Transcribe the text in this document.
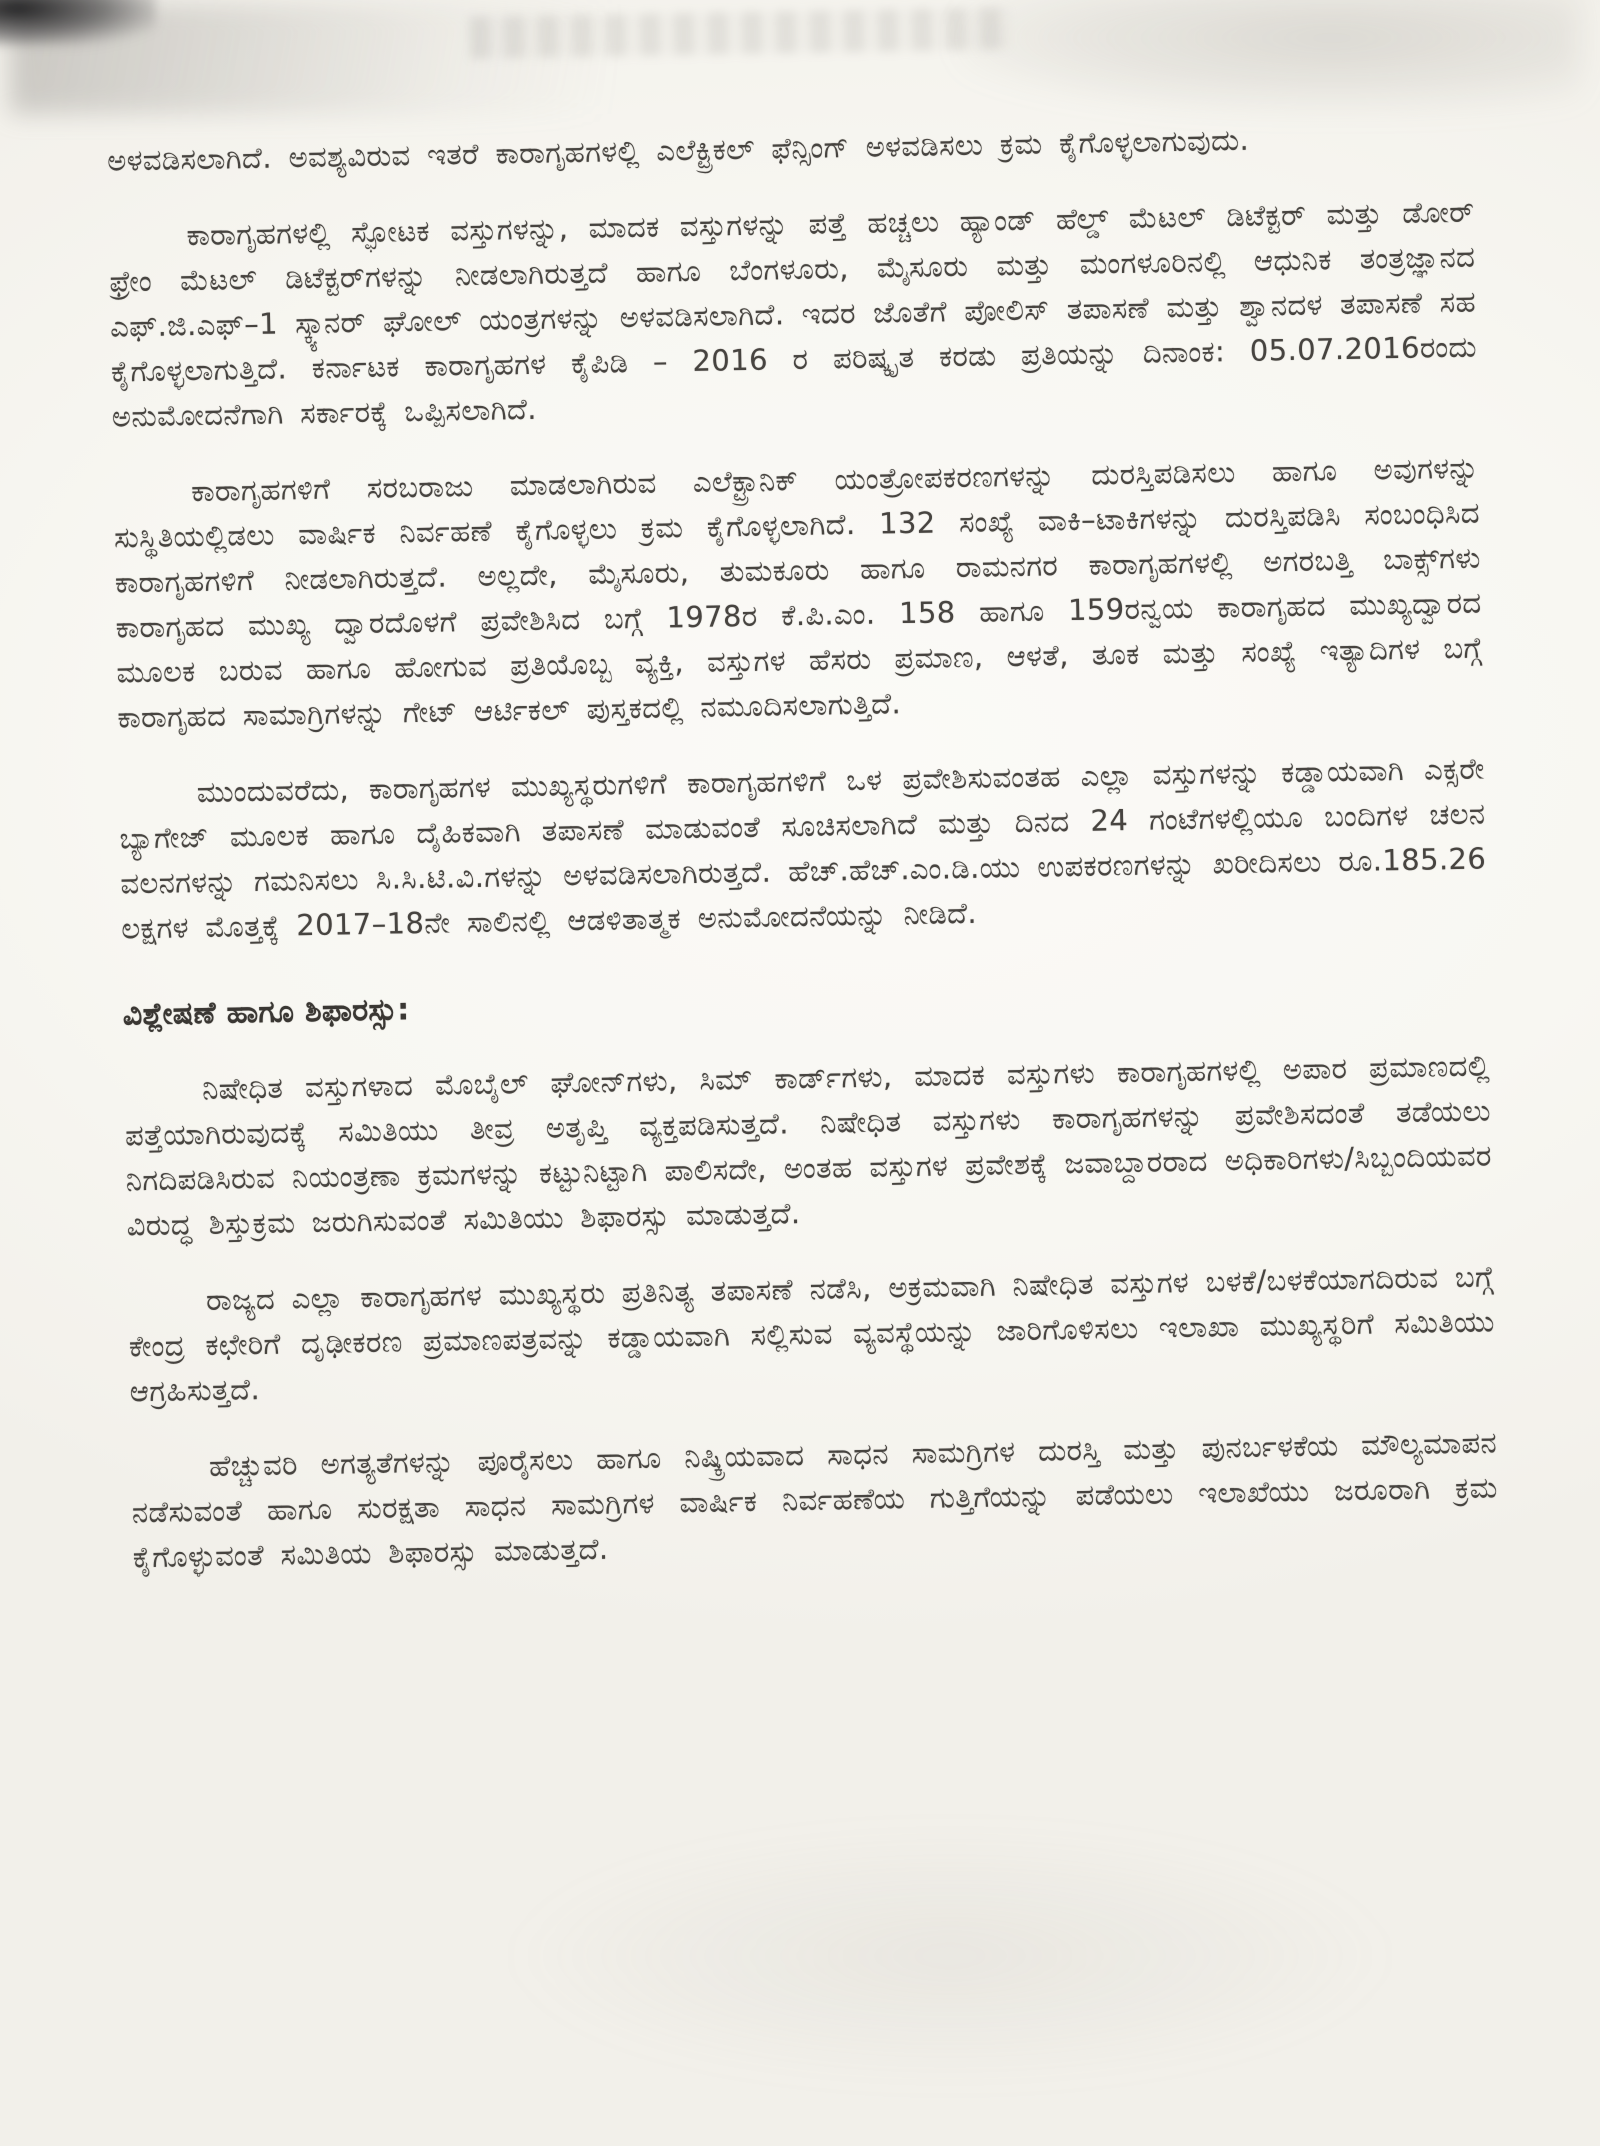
ಅಳವಡಿಸಲಾಗಿದೆ. ಅವಶ್ಯವಿರುವ ಇತರೆ ಕಾರಾಗೃಹಗಳಲ್ಲಿ ಎಲೆಕ್ಟ್ರಿಕಲ್ ಫೆನ್ಸಿಂಗ್ ಅಳವಡಿಸಲು ಕ್ರಮ ಕೈಗೊಳ್ಳಲಾಗುವುದು.

ಕಾರಾಗೃಹಗಳಲ್ಲಿ ಸ್ಫೋಟಕ ವಸ್ತುಗಳನ್ನು, ಮಾದಕ ವಸ್ತುಗಳನ್ನು ಪತ್ತೆ ಹಚ್ಚಲು ಹ್ಯಾಂಡ್ ಹೆಲ್ಡ್ ಮೆಟಲ್ ಡಿಟೆಕ್ಟರ್ ಮತ್ತು ಡೋರ್ ಫ್ರೇಂ ಮೆಟಲ್ ಡಿಟೆಕ್ಟರ್‌ಗಳನ್ನು ನೀಡಲಾಗಿರುತ್ತದೆ ಹಾಗೂ ಬೆಂಗಳೂರು, ಮೈಸೂರು ಮತ್ತು ಮಂಗಳೂರಿನಲ್ಲಿ ಆಧುನಿಕ ತಂತ್ರಜ್ಞಾನದ ಎಫ್.ಜಿ.ಎಫ್–1 ಸ್ಕ್ಯಾನರ್ ಘೋಲ್ ಯಂತ್ರಗಳನ್ನು ಅಳವಡಿಸಲಾಗಿದೆ. ಇದರ ಜೊತೆಗೆ ಪೋಲಿಸ್ ತಪಾಸಣೆ ಮತ್ತು ಶ್ವಾನದಳ ತಪಾಸಣೆ ಸಹ ಕೈಗೊಳ್ಳಲಾಗುತ್ತಿದೆ. ಕರ್ನಾಟಕ ಕಾರಾಗೃಹಗಳ ಕೈಪಿಡಿ – 2016 ರ ಪರಿಷ್ಕೃತ ಕರಡು ಪ್ರತಿಯನ್ನು ದಿನಾಂಕ: 05.07.2016ರಂದು ಅನುಮೋದನೆಗಾಗಿ ಸರ್ಕಾರಕ್ಕೆ ಒಪ್ಪಿಸಲಾಗಿದೆ.

ಕಾರಾಗೃಹಗಳಿಗೆ ಸರಬರಾಜು ಮಾಡಲಾಗಿರುವ ಎಲೆಕ್ಟ್ರಾನಿಕ್ ಯಂತ್ರೋಪಕರಣಗಳನ್ನು ದುರಸ್ತಿಪಡಿಸಲು ಹಾಗೂ ಅವುಗಳನ್ನು ಸುಸ್ಥಿತಿಯಲ್ಲಿಡಲು ವಾರ್ಷಿಕ ನಿರ್ವಹಣೆ ಕೈಗೊಳ್ಳಲು ಕ್ರಮ ಕೈಗೊಳ್ಳಲಾಗಿದೆ. 132 ಸಂಖ್ಯೆ ವಾಕಿ–ಟಾಕಿಗಳನ್ನು ದುರಸ್ತಿಪಡಿಸಿ ಸಂಬಂಧಿಸಿದ ಕಾರಾಗೃಹಗಳಿಗೆ ನೀಡಲಾಗಿರುತ್ತದೆ. ಅಲ್ಲದೇ, ಮೈಸೂರು, ತುಮಕೂರು ಹಾಗೂ ರಾಮನಗರ ಕಾರಾಗೃಹಗಳಲ್ಲಿ ಅಗರಬತ್ತಿ ಬಾಕ್ಸ್‌ಗಳು ಕಾರಾಗೃಹದ ಮುಖ್ಯ ದ್ವಾರದೊಳಗೆ ಪ್ರವೇಶಿಸಿದ ಬಗ್ಗೆ 1978ರ ಕೆ.ಪಿ.ಎಂ. 158 ಹಾಗೂ 159ರನ್ವಯ ಕಾರಾಗೃಹದ ಮುಖ್ಯದ್ವಾರದ ಮೂಲಕ ಬರುವ ಹಾಗೂ ಹೋಗುವ ಪ್ರತಿಯೊಬ್ಬ ವ್ಯಕ್ತಿ, ವಸ್ತುಗಳ ಹೆಸರು ಪ್ರಮಾಣ, ಆಳತೆ, ತೂಕ ಮತ್ತು ಸಂಖ್ಯೆ ಇತ್ಯಾದಿಗಳ ಬಗ್ಗೆ ಕಾರಾಗೃಹದ ಸಾಮಾಗ್ರಿಗಳನ್ನು ಗೇಟ್ ಆರ್ಟಿಕಲ್ ಪುಸ್ತಕದಲ್ಲಿ ನಮೂದಿಸಲಾಗುತ್ತಿದೆ.

ಮುಂದುವರೆದು, ಕಾರಾಗೃಹಗಳ ಮುಖ್ಯಸ್ಥರುಗಳಿಗೆ ಕಾರಾಗೃಹಗಳಿಗೆ ಒಳ ಪ್ರವೇಶಿಸುವಂತಹ ಎಲ್ಲಾ ವಸ್ತುಗಳನ್ನು ಕಡ್ಡಾಯವಾಗಿ ಎಕ್ಸರೇ ಬ್ಯಾಗೇಜ್ ಮೂಲಕ ಹಾಗೂ ದೈಹಿಕವಾಗಿ ತಪಾಸಣೆ ಮಾಡುವಂತೆ ಸೂಚಿಸಲಾಗಿದೆ ಮತ್ತು ದಿನದ 24 ಗಂಟೆಗಳಲ್ಲಿಯೂ ಬಂದಿಗಳ ಚಲನ ವಲನಗಳನ್ನು ಗಮನಿಸಲು ಸಿ.ಸಿ.ಟಿ.ವಿ.ಗಳನ್ನು ಅಳವಡಿಸಲಾಗಿರುತ್ತದೆ. ಹೆಚ್.ಹೆಚ್.ಎಂ.ಡಿ.ಯು ಉಪಕರಣಗಳನ್ನು ಖರೀದಿಸಲು ರೂ.185.26 ಲಕ್ಷಗಳ ಮೊತ್ತಕ್ಕೆ 2017–18ನೇ ಸಾಲಿನಲ್ಲಿ ಆಡಳಿತಾತ್ಮಕ ಅನುಮೋದನೆಯನ್ನು ನೀಡಿದೆ.

ವಿಶ್ಲೇಷಣೆ ಹಾಗೂ ಶಿಫಾರಸ್ಸು:

ನಿಷೇಧಿತ ವಸ್ತುಗಳಾದ ಮೊಬೈಲ್ ಘೋನ್‌ಗಳು, ಸಿಮ್ ಕಾರ್ಡ್‌ಗಳು, ಮಾದಕ ವಸ್ತುಗಳು ಕಾರಾಗೃಹಗಳಲ್ಲಿ ಅಪಾರ ಪ್ರಮಾಣದಲ್ಲಿ ಪತ್ತೆಯಾಗಿರುವುದಕ್ಕೆ ಸಮಿತಿಯು ತೀವ್ರ ಅತೃಪ್ತಿ ವ್ಯಕ್ತಪಡಿಸುತ್ತದೆ. ನಿಷೇಧಿತ ವಸ್ತುಗಳು ಕಾರಾಗೃಹಗಳನ್ನು ಪ್ರವೇಶಿಸದಂತೆ ತಡೆಯಲು ನಿಗದಿಪಡಿಸಿರುವ ನಿಯಂತ್ರಣಾ ಕ್ರಮಗಳನ್ನು ಕಟ್ಟುನಿಟ್ಟಾಗಿ ಪಾಲಿಸದೇ, ಅಂತಹ ವಸ್ತುಗಳ ಪ್ರವೇಶಕ್ಕೆ ಜವಾಬ್ದಾರರಾದ ಅಧಿಕಾರಿಗಳು/ಸಿಬ್ಬಂದಿಯವರ ವಿರುದ್ಧ ಶಿಸ್ತುಕ್ರಮ ಜರುಗಿಸುವಂತೆ ಸಮಿತಿಯು ಶಿಫಾರಸ್ಸು ಮಾಡುತ್ತದೆ.

ರಾಜ್ಯದ ಎಲ್ಲಾ ಕಾರಾಗೃಹಗಳ ಮುಖ್ಯಸ್ಥರು ಪ್ರತಿನಿತ್ಯ ತಪಾಸಣೆ ನಡೆಸಿ, ಅಕ್ರಮವಾಗಿ ನಿಷೇಧಿತ ವಸ್ತುಗಳ ಬಳಕೆ/ಬಳಕೆಯಾಗದಿರುವ ಬಗ್ಗೆ ಕೇಂದ್ರ ಕಛೇರಿಗೆ ದೃಢೀಕರಣ ಪ್ರಮಾಣಪತ್ರವನ್ನು ಕಡ್ಡಾಯವಾಗಿ ಸಲ್ಲಿಸುವ ವ್ಯವಸ್ಥೆಯನ್ನು ಜಾರಿಗೊಳಿಸಲು ಇಲಾಖಾ ಮುಖ್ಯಸ್ಥರಿಗೆ ಸಮಿತಿಯು ಆಗ್ರಹಿಸುತ್ತದೆ.

ಹೆಚ್ಚುವರಿ ಅಗತ್ಯತೆಗಳನ್ನು ಪೂರೈಸಲು ಹಾಗೂ ನಿಷ್ಕ್ರಿಯವಾದ ಸಾಧನ ಸಾಮಗ್ರಿಗಳ ದುರಸ್ತಿ ಮತ್ತು ಪುನರ್ಬಳಕೆಯ ಮೌಲ್ಯಮಾಪನ ನಡೆಸುವಂತೆ ಹಾಗೂ ಸುರಕ್ಷತಾ ಸಾಧನ ಸಾಮಗ್ರಿಗಳ ವಾರ್ಷಿಕ ನಿರ್ವಹಣೆಯ ಗುತ್ತಿಗೆಯನ್ನು ಪಡೆಯಲು ಇಲಾಖೆಯು ಜರೂರಾಗಿ ಕ್ರಮ ಕೈಗೊಳ್ಳುವಂತೆ ಸಮಿತಿಯ ಶಿಫಾರಸ್ಸು ಮಾಡುತ್ತದೆ.
